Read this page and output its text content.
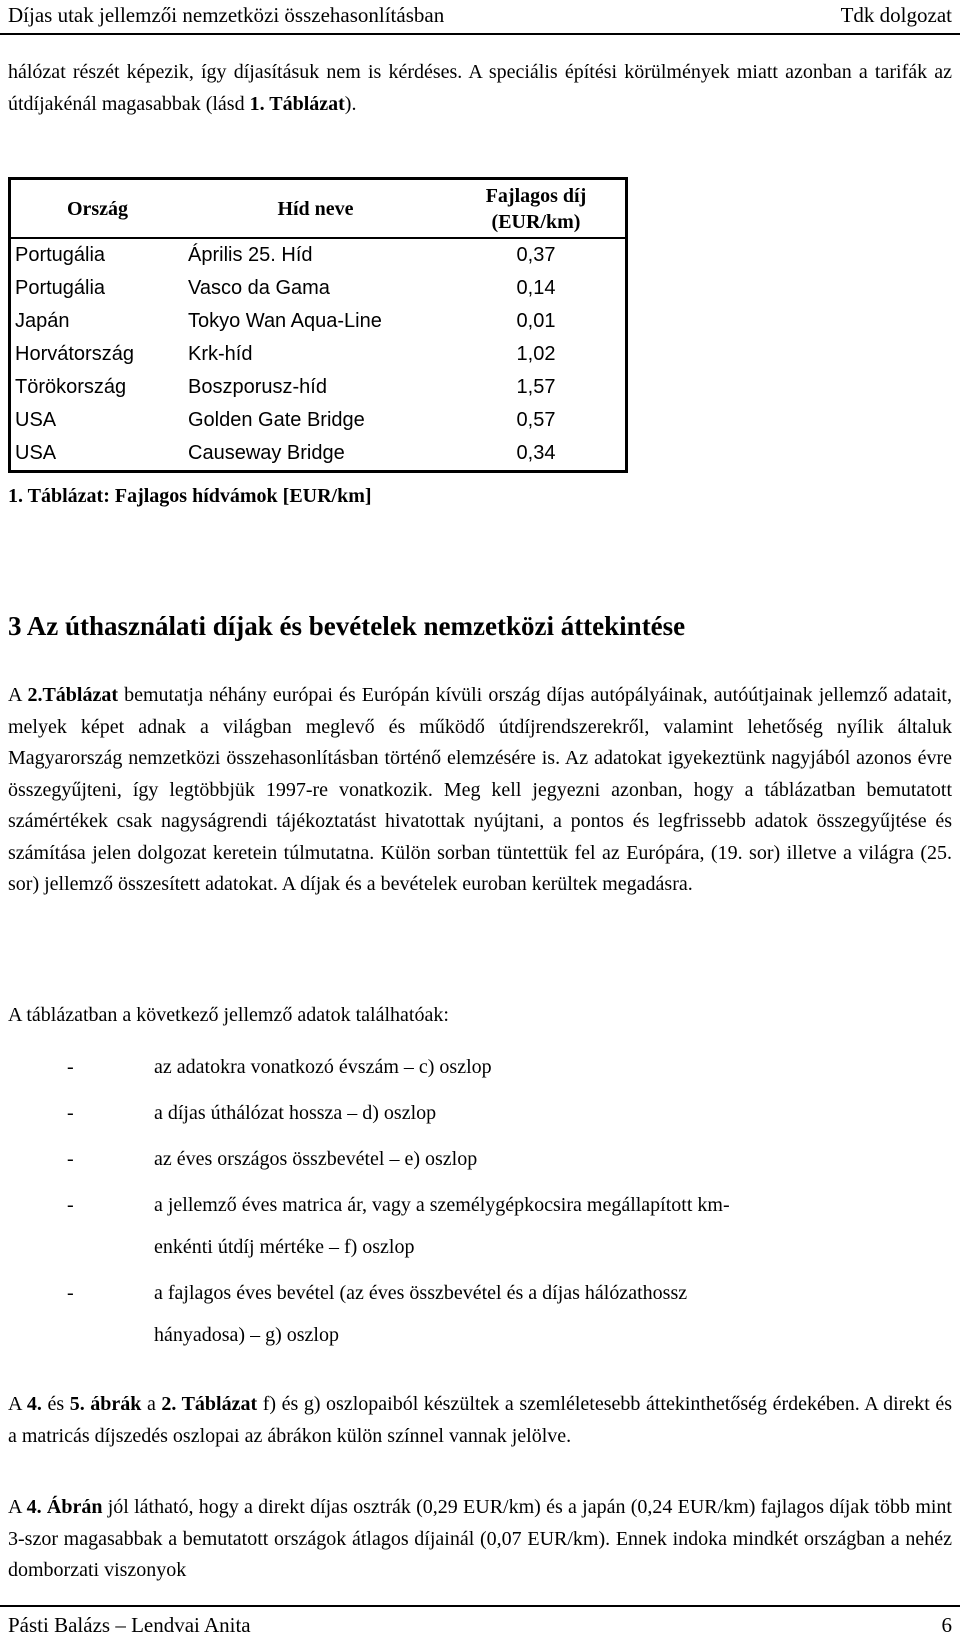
Díjas utak jellemzői nemzetközi összehasonlításban	Tdk dolgozat

hálózat részét képezik, így díjasításuk nem is kérdéses. A speciális építési körülmények miatt azonban a tarifák az útdíjakénál magasabbak (lásd 1. Táblázat).

Ország	Híd neve	Fajlagos díj (EUR/km)
Portugália	Április 25. Híd	0,37
Portugália	Vasco da Gama	0,14
Japán	Tokyo Wan Aqua-Line	0,01
Horvátország	Krk-híd	1,02
Törökország	Boszporusz-híd	1,57
USA	Golden Gate Bridge	0,57
USA	Causeway Bridge	0,34
1. Táblázat: Fajlagos hídvámok [EUR/km]
3 Az úthasználati díjak és bevételek nemzetközi áttekintése

A 2.Táblázat bemutatja néhány európai és Európán kívüli ország díjas autópályáinak, autóútjainak jellemző adatait, melyek képet adnak a világban meglevő és működő útdíjrendszerekről, valamint lehetőség nyílik általuk Magyarország nemzetközi összehasonlításban történő elemzésére is. Az adatokat igyekeztünk nagyjából azonos évre összegyűjteni, így legtöbbjük 1997-re vonatkozik. Meg kell jegyezni azonban, hogy a táblázatban bemutatott számértékek csak nagyságrendi tájékoztatást hivatottak nyújtani, a pontos és legfrissebb adatok összegyűjtése és számítása jelen dolgozat keretein túlmutatna. Külön sorban tüntettük fel az Európára, (19. sor) illetve a világra (25. sor) jellemző összesített adatokat. A díjak és a bevételek euroban kerültek megadásra.

A táblázatban a következő jellemző adatok találhatóak:

-	az adatokra vonatkozó évszám – c) oszlop
-	a díjas úthálózat hossza – d) oszlop
-	az éves országos összbevétel – e) oszlop
-	a jellemző éves matrica ár, vagy a személygépkocsira megállapított km-
enkénti útdíj mértéke – f) oszlop
-	a fajlagos éves bevétel (az éves összbevétel és a díjas hálózathossz
hányadosa) – g) oszlop

A 4. és 5. ábrák a 2. Táblázat f) és g) oszlopaiból készültek a szemléletesebb áttekinthetőség érdekében. A direkt és a matricás díjszedés oszlopai az ábrákon külön színnel vannak jelölve.

A 4. Ábrán jól látható, hogy a direkt díjas osztrák (0,29 EUR/km) és a japán (0,24 EUR/km) fajlagos díjak több mint 3-szor magasabbak a bemutatott országok átlagos díjainál (0,07 EUR/km). Ennek indoka mindkét országban a nehéz domborzati viszonyok

Pásti Balázs – Lendvai Anita	6
